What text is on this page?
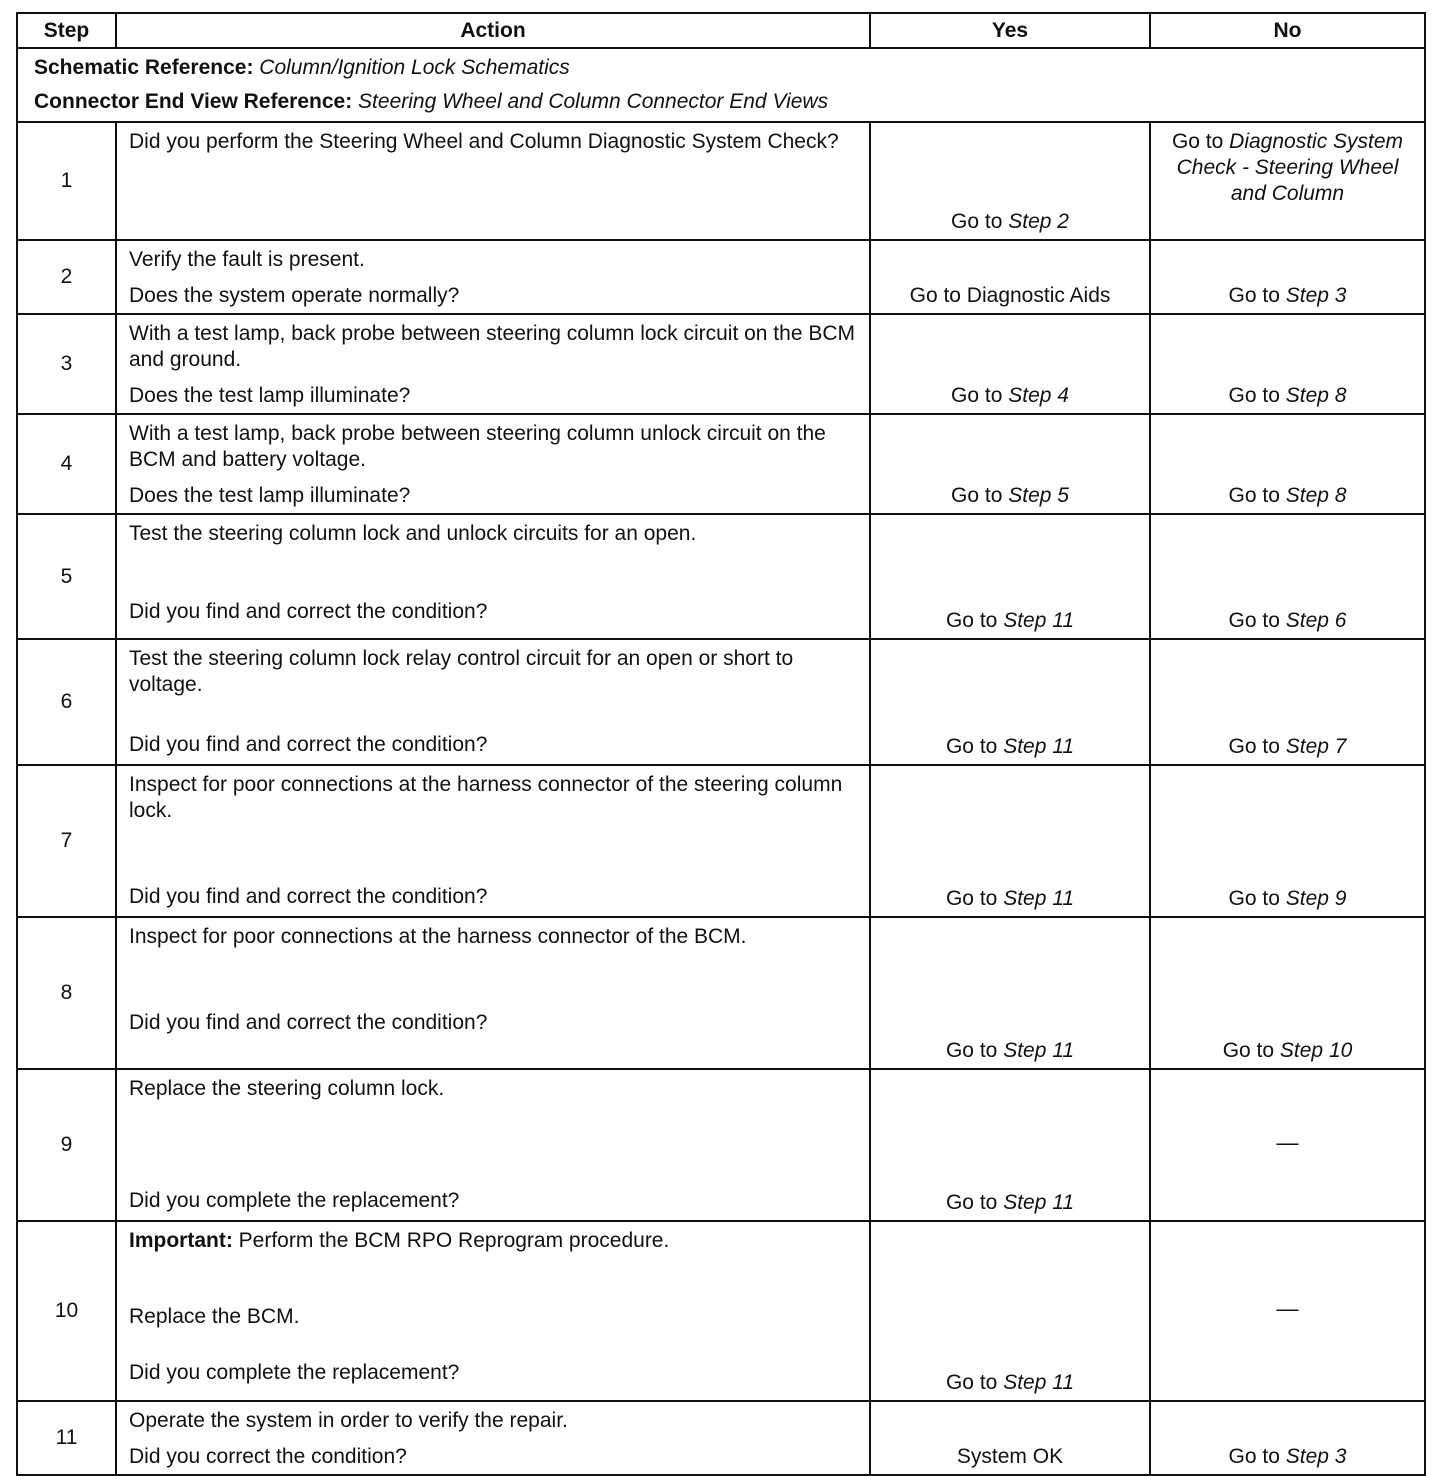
Step	Action	Yes	No

Schematic Reference: Column/Ignition Lock Schematics

Connector End View Reference: Steering Wheel and Column Connector End Views			

1	Did you perform the Steering Wheel and Column Diagnostic System Check?	Go to Step 2	Go to Diagnostic System Check - Steering Wheel and Column
2	Verify the fault is present.

Does the system operate normally?	Go to Diagnostic Aids	Go to Step 3
3	With a test lamp, back probe between steering column lock circuit on the BCM and ground.

Does the test lamp illuminate?	Go to Step 4	Go to Step 8
4	With a test lamp, back probe between steering column unlock circuit on the BCM and battery voltage.

Does the test lamp illuminate?	Go to Step 5	Go to Step 8
5	Test the steering column lock and unlock circuits for an open.

Did you find and correct the condition?	Go to Step 11	Go to Step 6
6	Test the steering column lock relay control circuit for an open or short to voltage.

Did you find and correct the condition?	Go to Step 11	Go to Step 7
7	Inspect for poor connections at the harness connector of the steering column lock.

Did you find and correct the condition?	Go to Step 11	Go to Step 9
8	Inspect for poor connections at the harness connector of the BCM.

Did you find and correct the condition?	Go to Step 11	Go to Step 10
9	Replace the steering column lock.

Did you complete the replacement?	Go to Step 11	—
10	Important: Perform the BCM RPO Reprogram procedure.

Replace the BCM.

Did you complete the replacement?	Go to Step 11	—
11	Operate the system in order to verify the repair.

Did you correct the condition?	System OK	Go to Step 3
